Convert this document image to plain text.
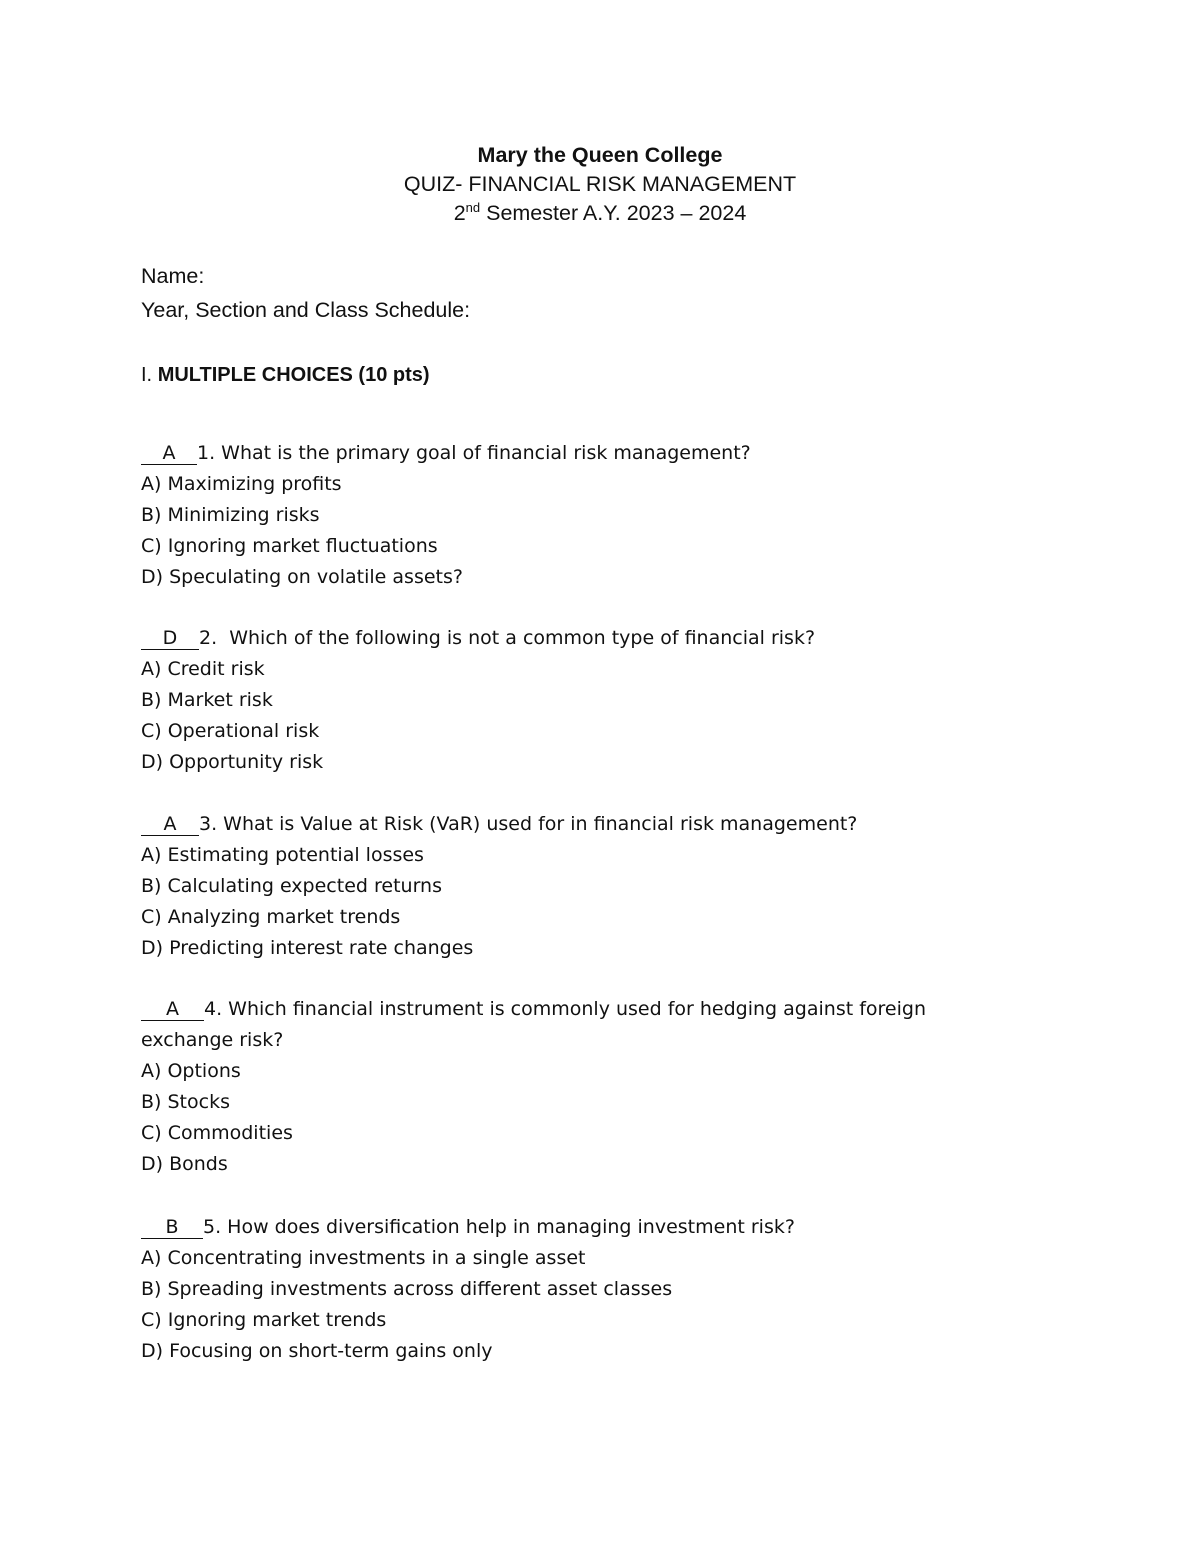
Mary the Queen College
QUIZ- FINANCIAL RISK MANAGEMENT
2nd Semester A.Y. 2023 – 2024
Name:
Year, Section and Class Schedule:
I. MULTIPLE CHOICES (10 pts)
A 1. What is the primary goal of financial risk management?
A) Maximizing profits
B) Minimizing risks
C) Ignoring market fluctuations
D) Speculating on volatile assets?
D 2.  Which of the following is not a common type of financial risk?
A) Credit risk
B) Market risk
C) Operational risk
D) Opportunity risk
A 3. What is Value at Risk (VaR) used for in financial risk management?
A) Estimating potential losses
B) Calculating expected returns
C) Analyzing market trends
D) Predicting interest rate changes
A 4. Which financial instrument is commonly used for hedging against foreign exchange risk?
A) Options
B) Stocks
C) Commodities
D) Bonds
B 5. How does diversification help in managing investment risk?
A) Concentrating investments in a single asset
B) Spreading investments across different asset classes
C) Ignoring market trends
D) Focusing on short-term gains only
